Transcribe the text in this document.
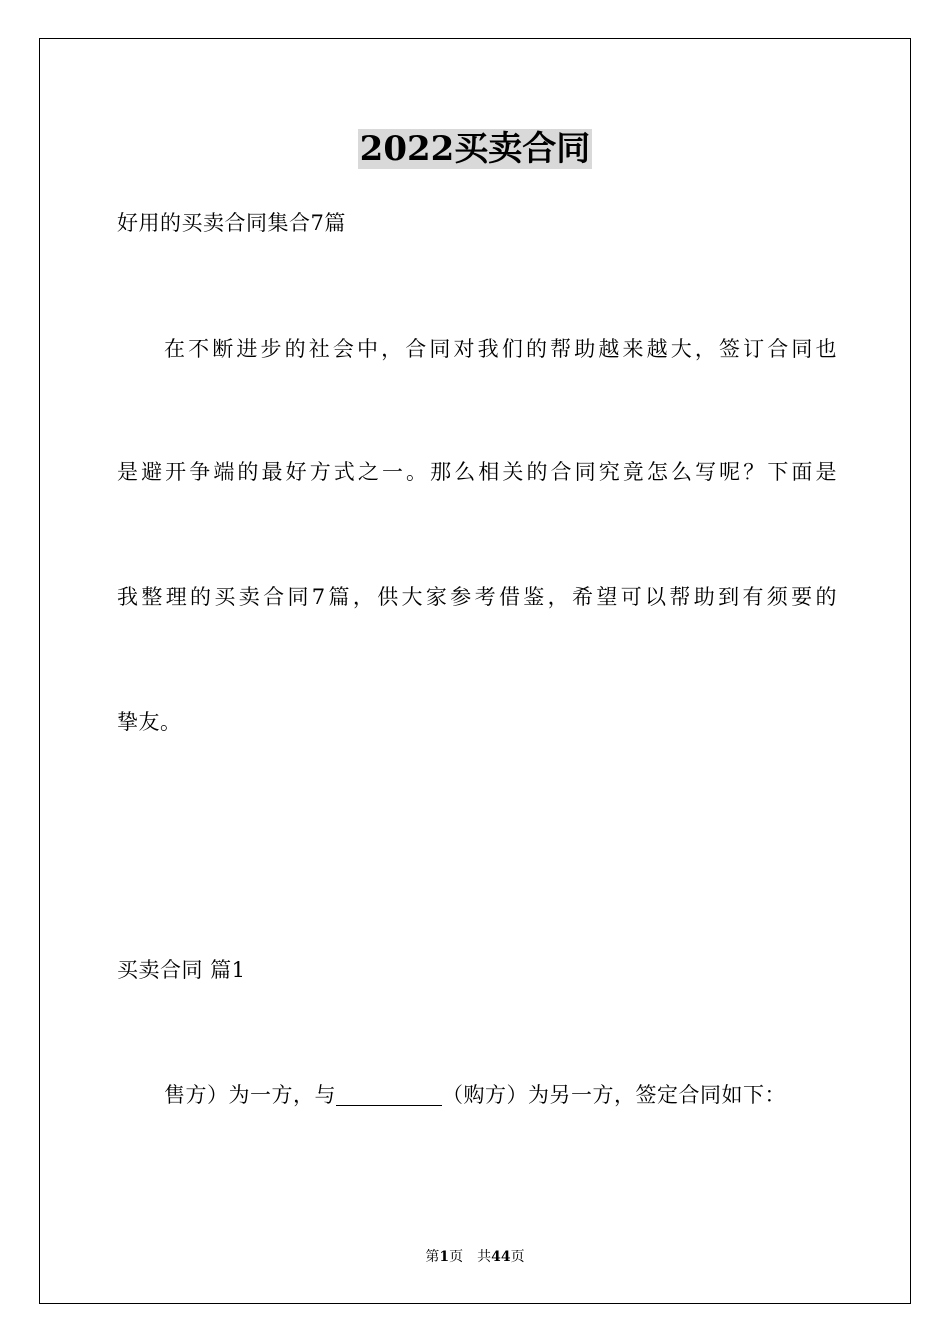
2022买卖合同
好用的买卖合同集合7篇
在不断进步的社会中，合同对我们的帮助越来越大，签订合同也
是避开争端的最好方式之一。那么相关的合同究竟怎么写呢？下面是
我整理的买卖合同7篇，供大家参考借鉴，希望可以帮助到有须要的
挚友。
买卖合同 篇1
售方）为一方，与	（购方）为另一方，签定合同如下：
第1页　共44页
